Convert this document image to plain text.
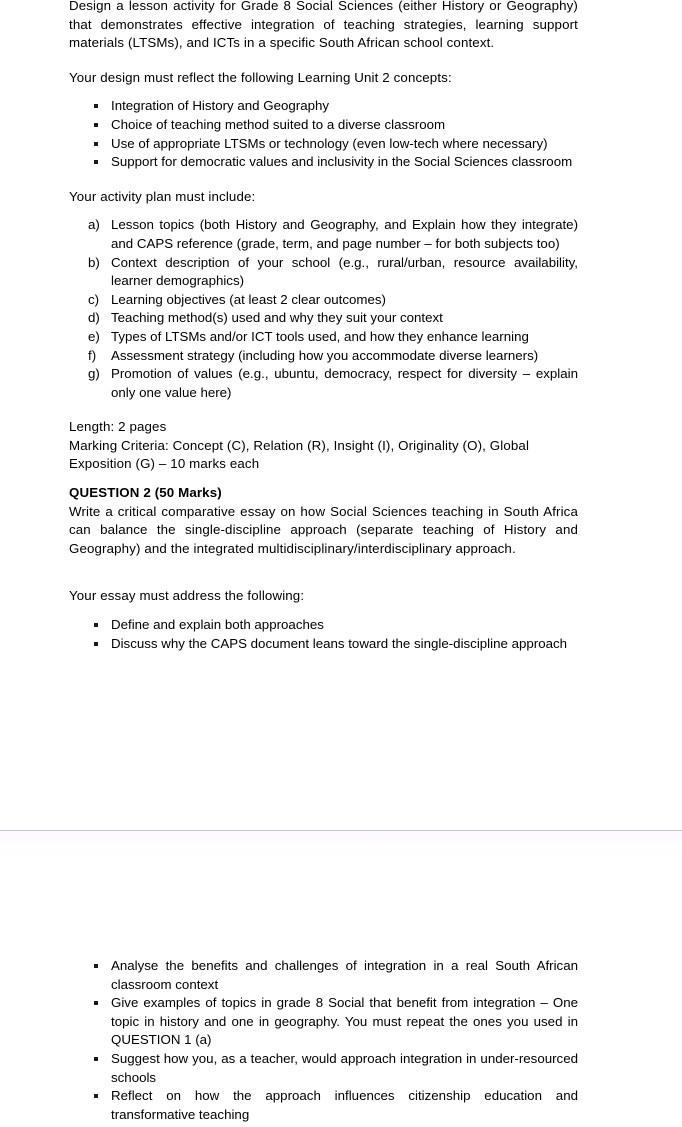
Design a lesson activity for Grade 8 Social Sciences (either History or Geography) that demonstrates effective integration of teaching strategies, learning support materials (LTSMs), and ICTs in a specific South African school context.

Your design must reflect the following Learning Unit 2 concepts:

Integration of History and Geography
Choice of teaching method suited to a diverse classroom
Use of appropriate LTSMs or technology (even low-tech where necessary)
Support for democratic values and inclusivity in the Social Sciences classroom

Your activity plan must include:

a) Lesson topics (both History and Geography, and Explain how they integrate) and CAPS reference (grade, term, and page number – for both subjects too)
b) Context description of your school (e.g., rural/urban, resource availability, learner demographics)
c) Learning objectives (at least 2 clear outcomes)
d) Teaching method(s) used and why they suit your context
e) Types of LTSMs and/or ICT tools used, and how they enhance learning
f) Assessment strategy (including how you accommodate diverse learners)
g) Promotion of values (e.g., ubuntu, democracy, respect for diversity – explain only one value here)

Length: 2 pages

Marking Criteria: Concept (C), Relation (R), Insight (I), Originality (O), Global Exposition (G) – 10 marks each

QUESTION 2 (50 Marks)

Write a critical comparative essay on how Social Sciences teaching in South Africa can balance the single-discipline approach (separate teaching of History and Geography) and the integrated multidisciplinary/interdisciplinary approach.

Your essay must address the following:

Define and explain both approaches
Discuss why the CAPS document leans toward the single-discipline approach
Analyse the benefits and challenges of integration in a real South African classroom context
Give examples of topics in grade 8 Social that benefit from integration – One topic in history and one in geography. You must repeat the ones you used in QUESTION 1 (a)
Suggest how you, as a teacher, would approach integration in under-resourced schools
Reflect on how the approach influences citizenship education and transformative teaching
